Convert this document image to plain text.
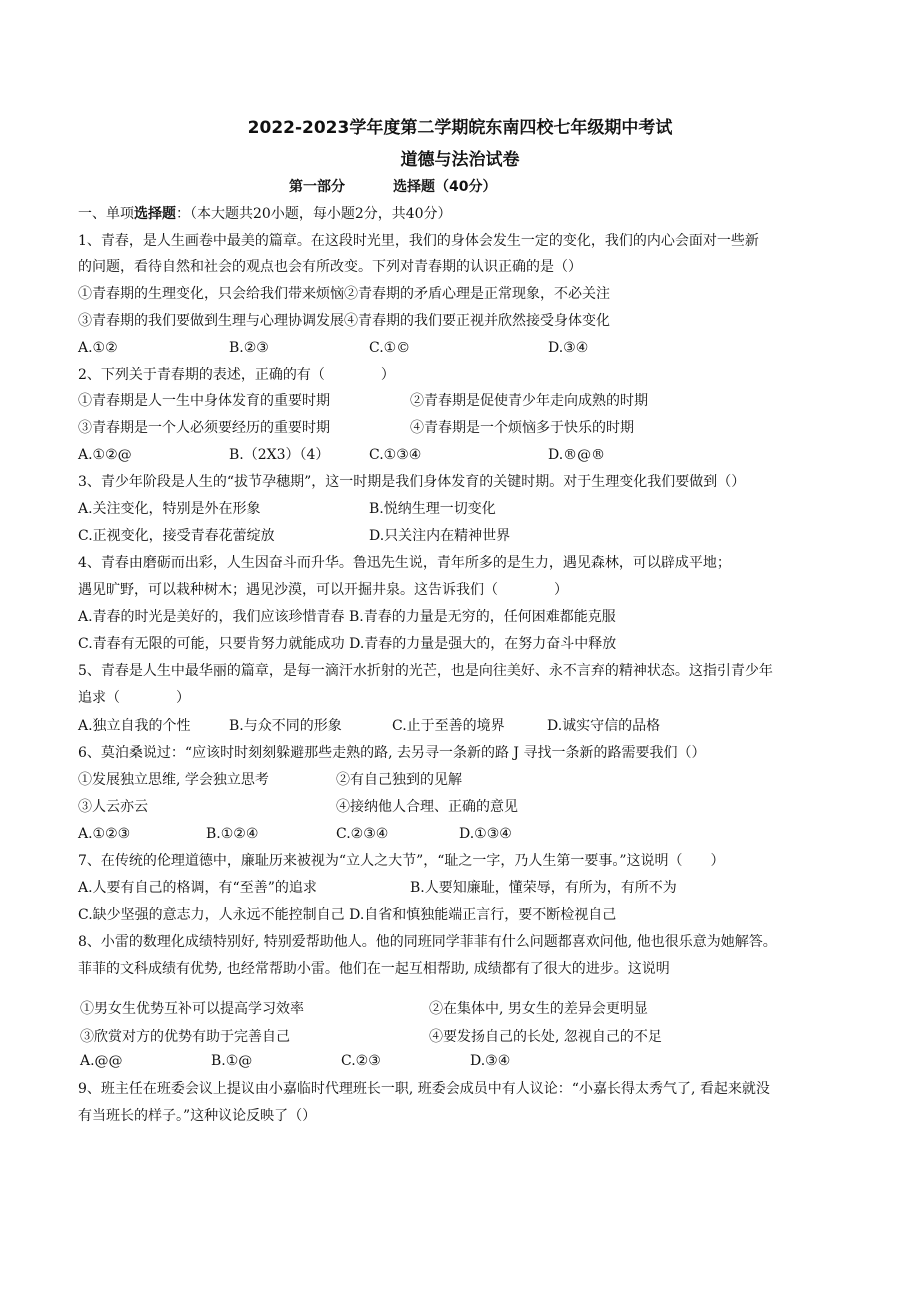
2022-2023学年度第二学期皖东南四校七年级期中考试
道德与法治试卷
第一部分	选择题（40分）
一、单项选择题：（本大题共20小题，每小题2分，共40分）
1、青春，是人生画卷中最美的篇章。在这段时光里，我们的身体会发生一定的变化，我们的内心会面对一些新
的问题，看待自然和社会的观点也会有所改变。下列对青春期的认识正确的是（）
①青春期的生理变化，只会给我们带来烦恼②青春期的矛盾心理是正常现象，不必关注
③青春期的我们要做到生理与心理协调发展④青春期的我们要正视并欣然接受身体变化
A.①②	B.②③	C.①©	D.③④
2、下列关于青春期的表述，正确的有（　　　　）
①青春期是人一生中身体发育的重要时期	②青春期是促使青少年走向成熟的时期
③青春期是一个人必须要经历的重要时期	④青春期是一个烦恼多于快乐的时期
A.①②@	B.（2X3）（4）	C.①③④	D.®@®
3、青少年阶段是人生的“拔节孕穗期”，这一时期是我们身体发育的关键时期。对于生理变化我们要做到（）
A.关注变化，特别是外在形象	B.悦纳生理一切变化
C.正视变化，接受青春花蕾绽放	D.只关注内在精神世界
4、青春由磨砺而出彩，人生因奋斗而升华。鲁迅先生说，青年所多的是生力，遇见森林，可以辟成平地；
遇见旷野，可以栽种树木；遇见沙漠，可以开掘井泉。这告诉我们（　　　　）
A.青春的时光是美好的，我们应该珍惜青春 B.青春的力量是无穷的，任何困难都能克服
C.青春有无限的可能，只要肯努力就能成功 D.青春的力量是强大的，在努力奋斗中释放
5、青春是人生中最华丽的篇章，是每一滴汗水折射的光芒，也是向往美好、永不言弃的精神状态。这指引青少年
追求（　　　　）
A.独立自我的个性	B.与众不同的形象	C.止于至善的境界	D.诚实守信的品格
6、莫泊桑说过：“应该时时刻刻躲避那些走熟的路, 去另寻一条新的路 J 寻找一条新的路需要我们（）
①发展独立思维, 学会独立思考	②有自己独到的见解
③人云亦云	④接纳他人合理、正确的意见
A.①②③	B.①②④	C.②③④	D.①③④
7、在传统的伦理道德中，廉耻历来被视为“立人之大节”，“耻之一字，乃人生第一要事。”这说明（　　）
A.人要有自己的格调，有“至善”的追求	B.人要知廉耻，懂荣辱，有所为，有所不为
C.缺少坚强的意志力，人永远不能控制自己 D.自省和慎独能端正言行，要不断检视自己
8、小雷的数理化成绩特别好, 特别爱帮助他人。他的同班同学菲菲有什么问题都喜欢问他, 他也很乐意为她解答。
菲菲的文科成绩有优势, 也经常帮助小雷。他们在一起互相帮助, 成绩都有了很大的进步。这说明
①男女生优势互补可以提高学习效率	②在集体中, 男女生的差异会更明显
③欣赏对方的优势有助于完善自己	④要发扬自己的长处, 忽视自己的不足
A.@@	B.①@	C.②③	D.③④
9、班主任在班委会议上提议由小嘉临时代理班长一职, 班委会成员中有人议论：“小嘉长得太秀气了, 看起来就没
有当班长的样子。”这种议论反映了（）
